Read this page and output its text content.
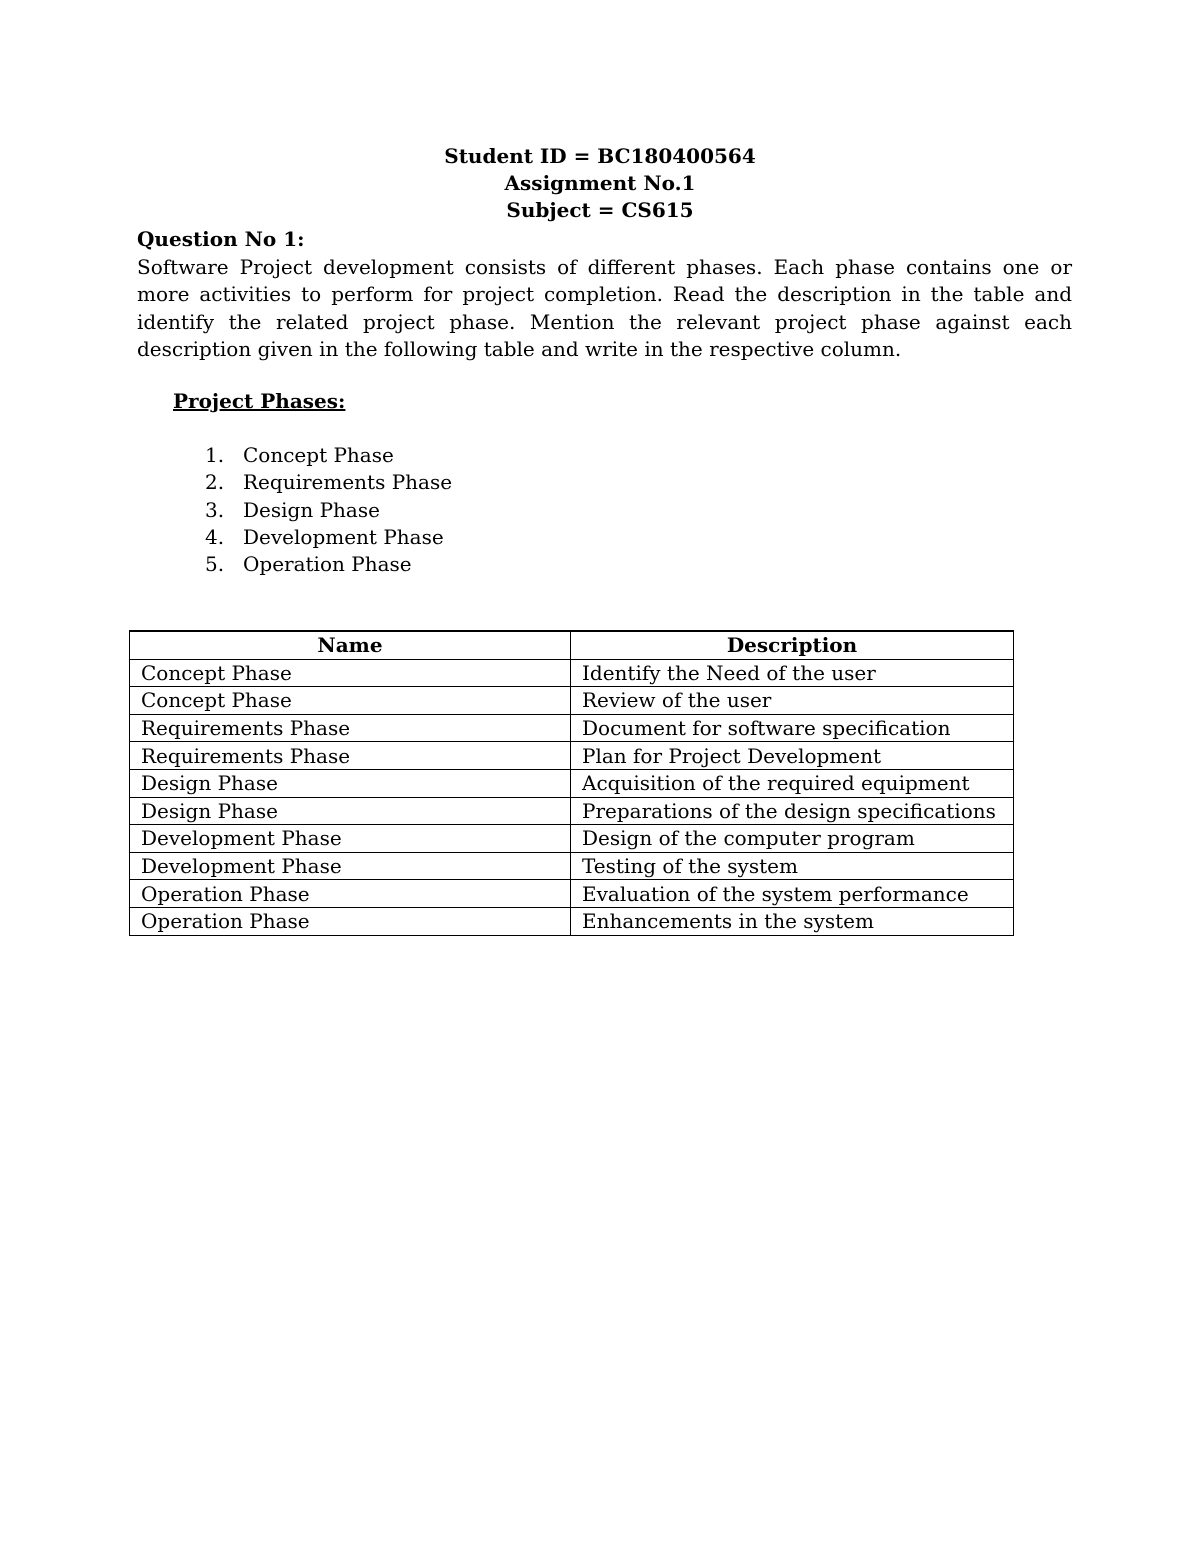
Student ID = BC180400564
Assignment No.1
Subject = CS615
Question No 1:
Software Project development consists of different phases. Each phase contains one or more activities to perform for project completion. Read the description in the table and identify the related project phase. Mention the relevant project phase against each description given in the following table and write in the respective column.
Project Phases:
1. Concept Phase
2. Requirements Phase
3. Design Phase
4. Development Phase
5. Operation Phase
Name	Description
Concept Phase	Identify the Need of the user
Concept Phase	Review of the user
Requirements Phase	Document for software specification
Requirements Phase	Plan for Project Development
Design Phase	Acquisition of the required equipment
Design Phase	Preparations of the design specifications
Development Phase	Design of the computer program
Development Phase	Testing of the system
Operation Phase	Evaluation of the system performance
Operation Phase	Enhancements in the system
